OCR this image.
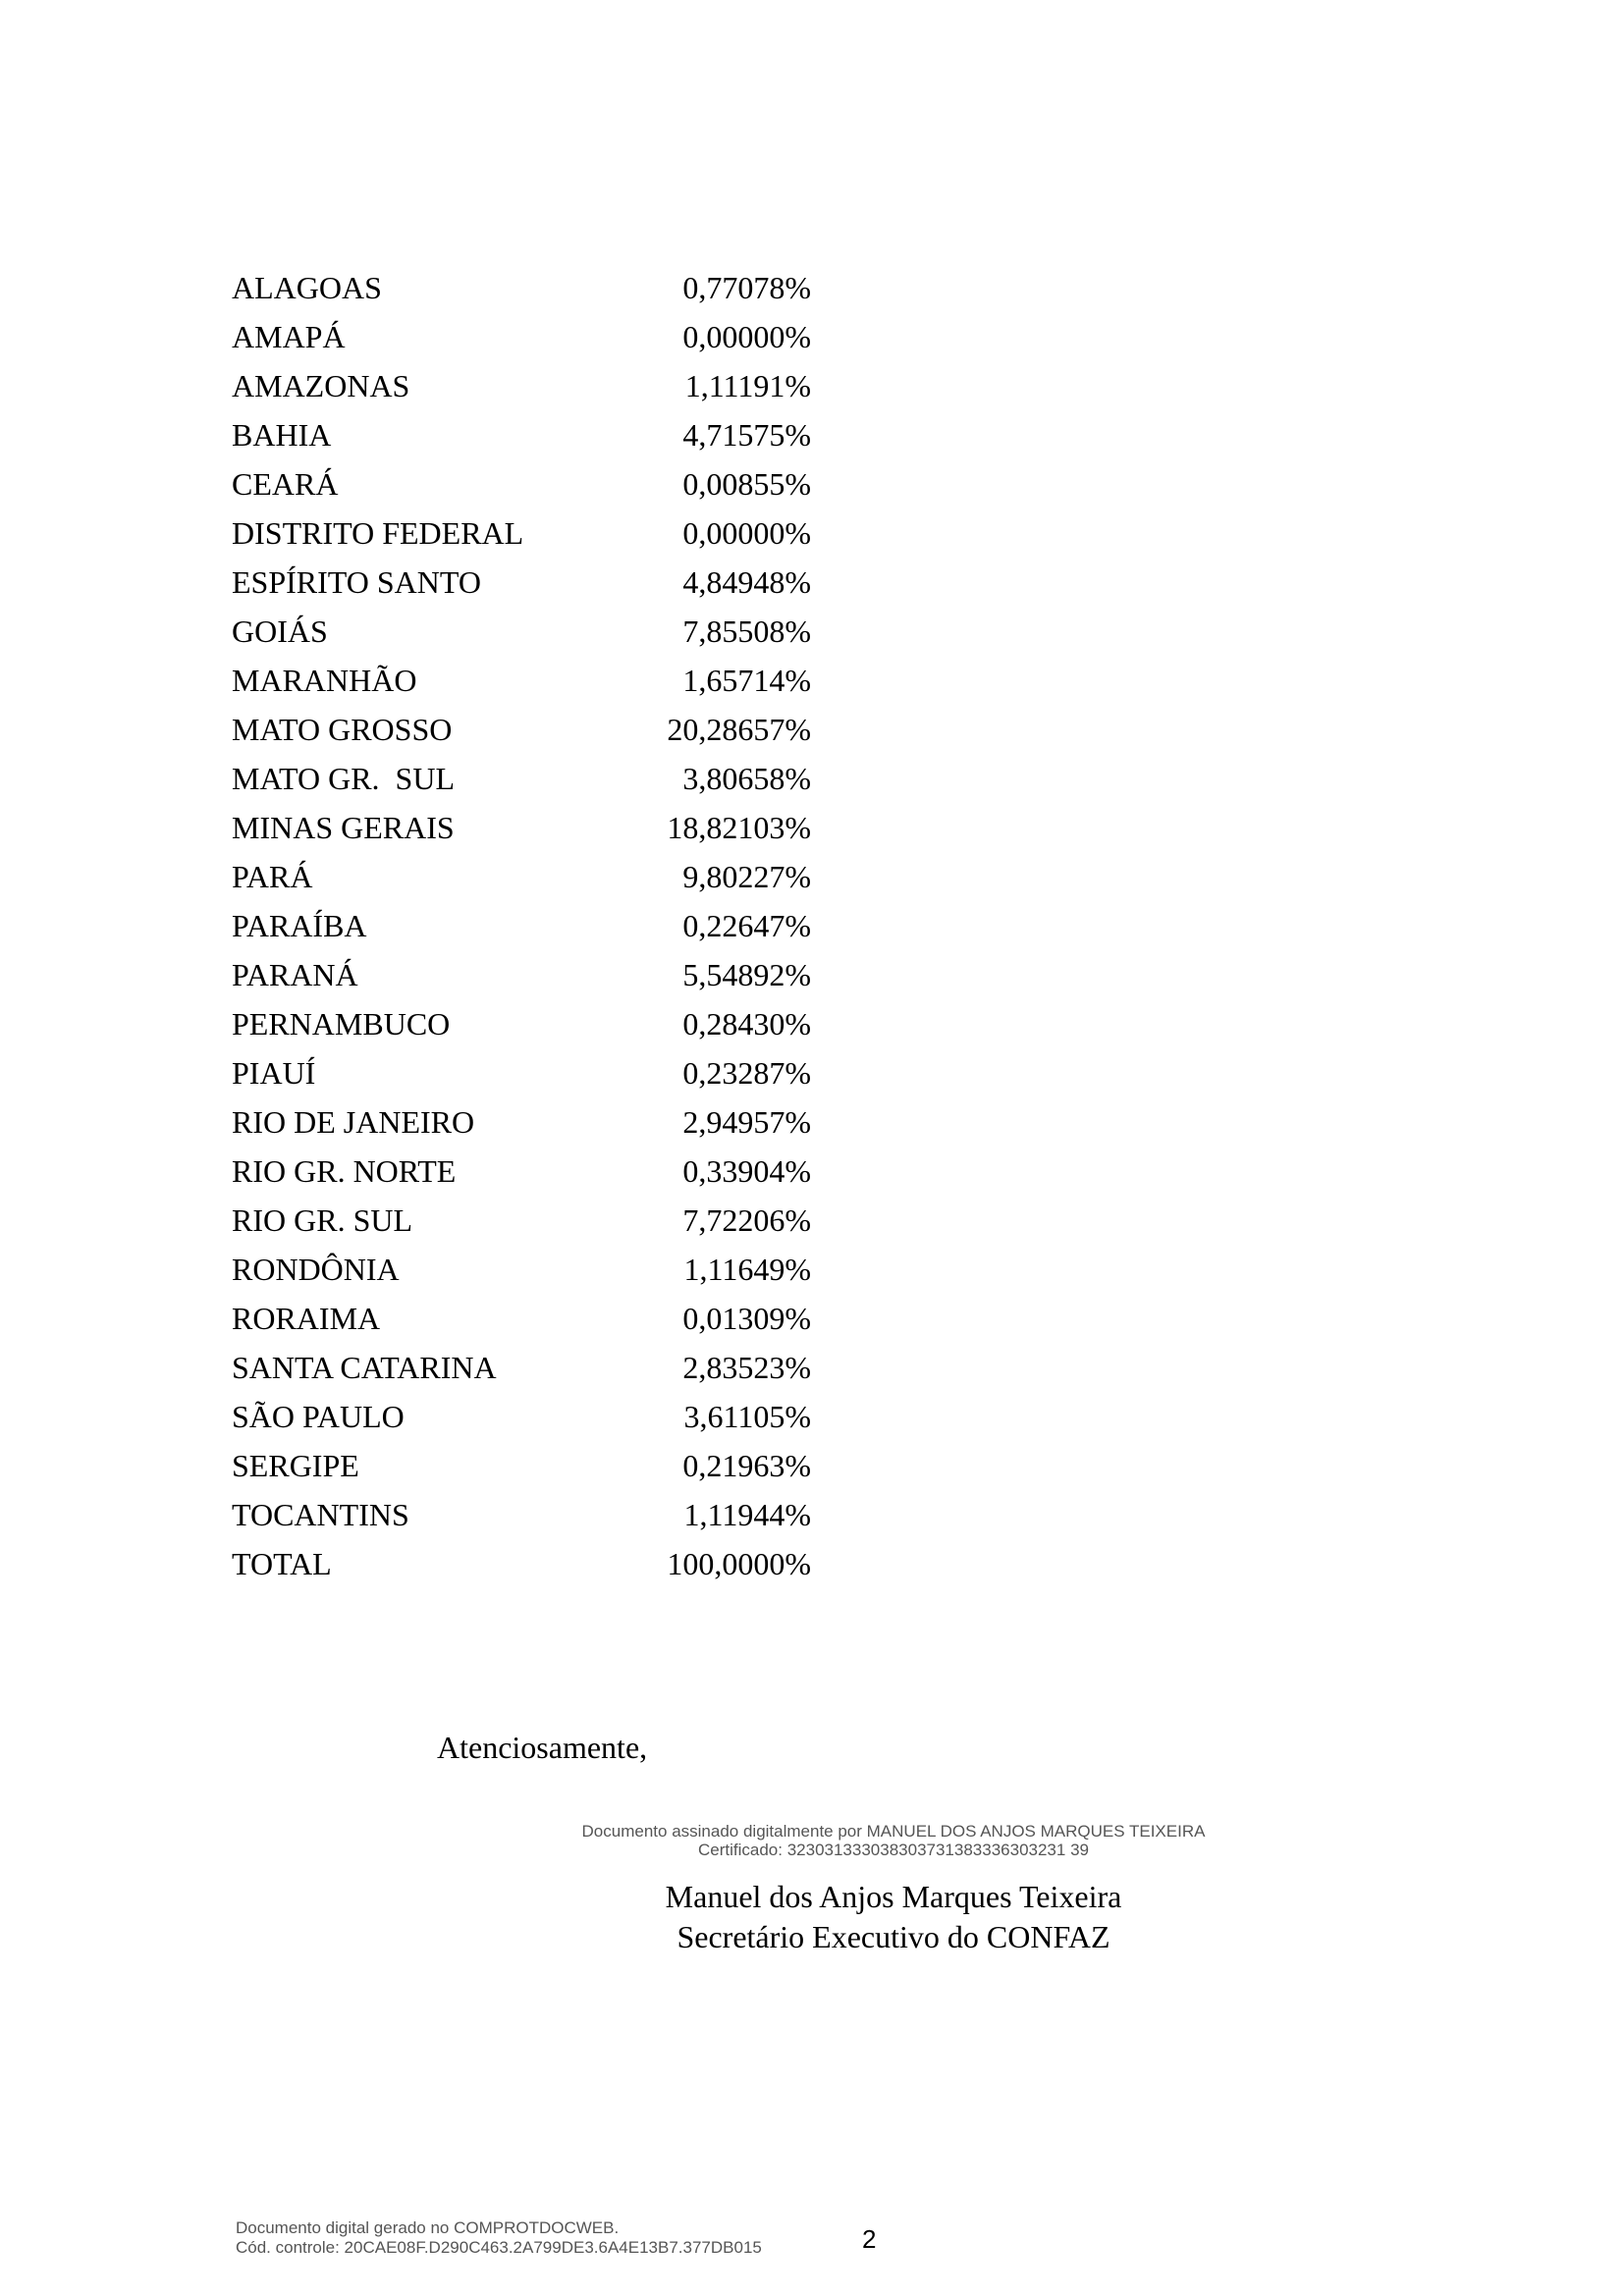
ALAGOAS	0,77078%
AMAPÁ	0,00000%
AMAZONAS	1,11191%
BAHIA	4,71575%
CEARÁ	0,00855%
DISTRITO FEDERAL	0,00000%
ESPÍRITO SANTO	4,84948%
GOIÁS	7,85508%
MARANHÃO	1,65714%
MATO GROSSO	20,28657%
MATO GR.  SUL	3,80658%
MINAS GERAIS	18,82103%
PARÁ	9,80227%
PARAÍBA	0,22647%
PARANÁ	5,54892%
PERNAMBUCO	0,28430%
PIAUÍ	0,23287%
RIO DE JANEIRO	2,94957%
RIO GR. NORTE	0,33904%
RIO GR. SUL	7,72206%
RONDÔNIA	1,11649%
RORAIMA	0,01309%
SANTA CATARINA	2,83523%
SÃO PAULO	3,61105%
SERGIPE	0,21963%
TOCANTINS	1,11944%
TOTAL	100,0000%
Atenciosamente,
Documento assinado digitalmente por MANUEL DOS ANJOS MARQUES TEIXEIRA
Certificado: 323031333038303731383336303231 39
Manuel dos Anjos Marques Teixeira
Secretário Executivo do CONFAZ
Documento digital gerado no COMPROTDOCWEB.
Cód. controle: 20CAE08F.D290C463.2A799DE3.6A4E13B7.377DB015	2
